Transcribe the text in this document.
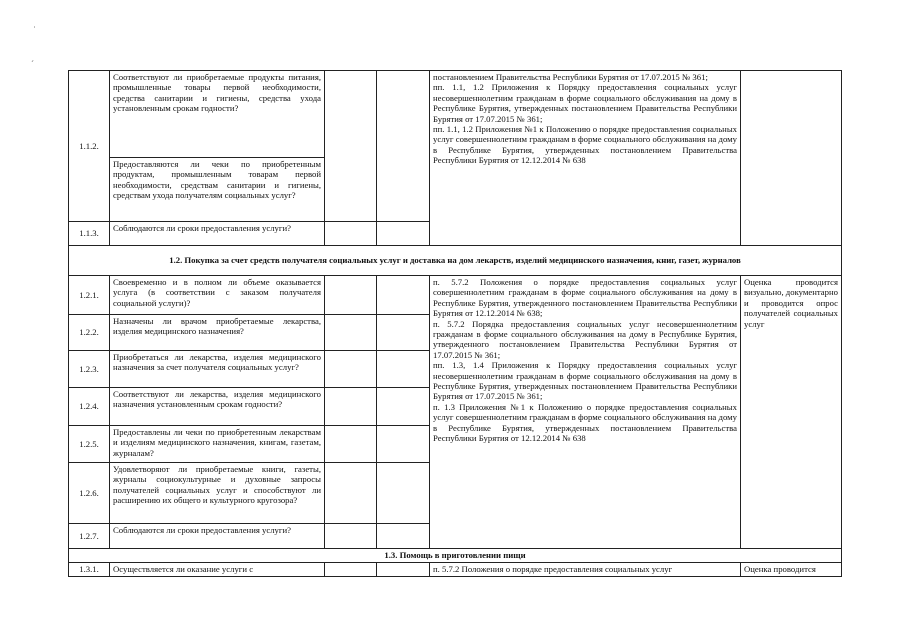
˙
´
1.1.2.	Соответствуют ли приобретаемые продукты питания, промышленные товары первой необходимости, средства санитарии и гигиены, средства ухода установленным срокам годности?			постановлением Правительства Республики Бурятия от 17.07.2015 № 361;
пп. 1.1, 1.2 Приложения к Порядку предоставления социальных услуг несовершеннолетним гражданам в форме социального обслуживания на дому в Республике Бурятия, утвержденных постановлением Правительства Республики Бурятия от 17.07.2015 № 361;
пп. 1.1, 1.2 Приложения №1 к Положению о порядке предоставления социальных услуг совершеннолетним гражданам в форме социального обслуживания на дому в Республике Бурятия, утвержденных постановлением Правительства Республики Бурятия от 12.12.2014 № 638	

	Предоставляются ли чеки по приобретенным продуктам, промышленным товарам первой необходимости, средствам санитарии и гигиены, средствам ухода получателям социальных услуг?				
1.1.3.	Соблюдаются ли сроки предоставления услуги?				
1.2. Покупка за счет средств получателя социальных услуг и доставка на дом лекарств, изделий медицинского назначения, книг, газет, журналов					
1.2.1.	Своевременно и в полном ли объеме оказывается услуга (в соответствии с заказом получателя социальной услуги)?			п. 5.7.2 Положения о порядке предоставления социальных услуг совершеннолетним гражданам в форме социального обслуживания на дому в Республике Бурятия, утвержденного постановлением Правительства Республики Бурятия от 12.12.2014 № 638;
п. 5.7.2 Порядка предоставления социальных услуг несовершеннолетним гражданам в форме социального обслуживания на дому в Республике Бурятия, утвержденного постановлением Правительства Республики Бурятия от 17.07.2015 № 361;
пп. 1.3, 1.4 Приложения к Порядку предоставления социальных услуг несовершеннолетним гражданам в форме социального обслуживания на дому в Республике Бурятия, утвержденных постановлением Правительства Республики Бурятия от 17.07.2015 № 361;
п. 1.3 Приложения №1 к Положению о порядке предоставления социальных услуг совершеннолетним гражданам в форме социального обслуживания на дому в Республике Бурятия, утвержденных постановлением Правительства Республики Бурятия от 12.12.2014 № 638	Оценка проводится визуально, документарно и проводится опрос получателей социальных услуг
1.2.2.	Назначены ли врачом приобретаемые лекарства, изделия медицинского назначения?				
1.2.3.	Приобретаться ли лекарства, изделия медицинского назначения за счет получателя социальных услуг?				
1.2.4.	Соответствуют ли лекарства, изделия медицинского назначения установленным срокам годности?				
1.2.5.	Предоставлены ли чеки по приобретенным лекарствам и изделиям медицинского назначения, книгам, газетам, журналам?				
1.2.6.	Удовлетворяют ли приобретаемые книги, газеты, журналы социокультурные и духовные запросы получателей социальных услуг и способствуют ли расширению их общего и культурного кругозора?				
1.2.7.	Соблюдаются ли сроки предоставления услуги?				
1.3. Помощь в приготовлении пищи					
1.3.1.	Осуществляется ли оказание услуги с			п. 5.7.2 Положения о порядке предоставления социальных услуг	Оценка проводится
